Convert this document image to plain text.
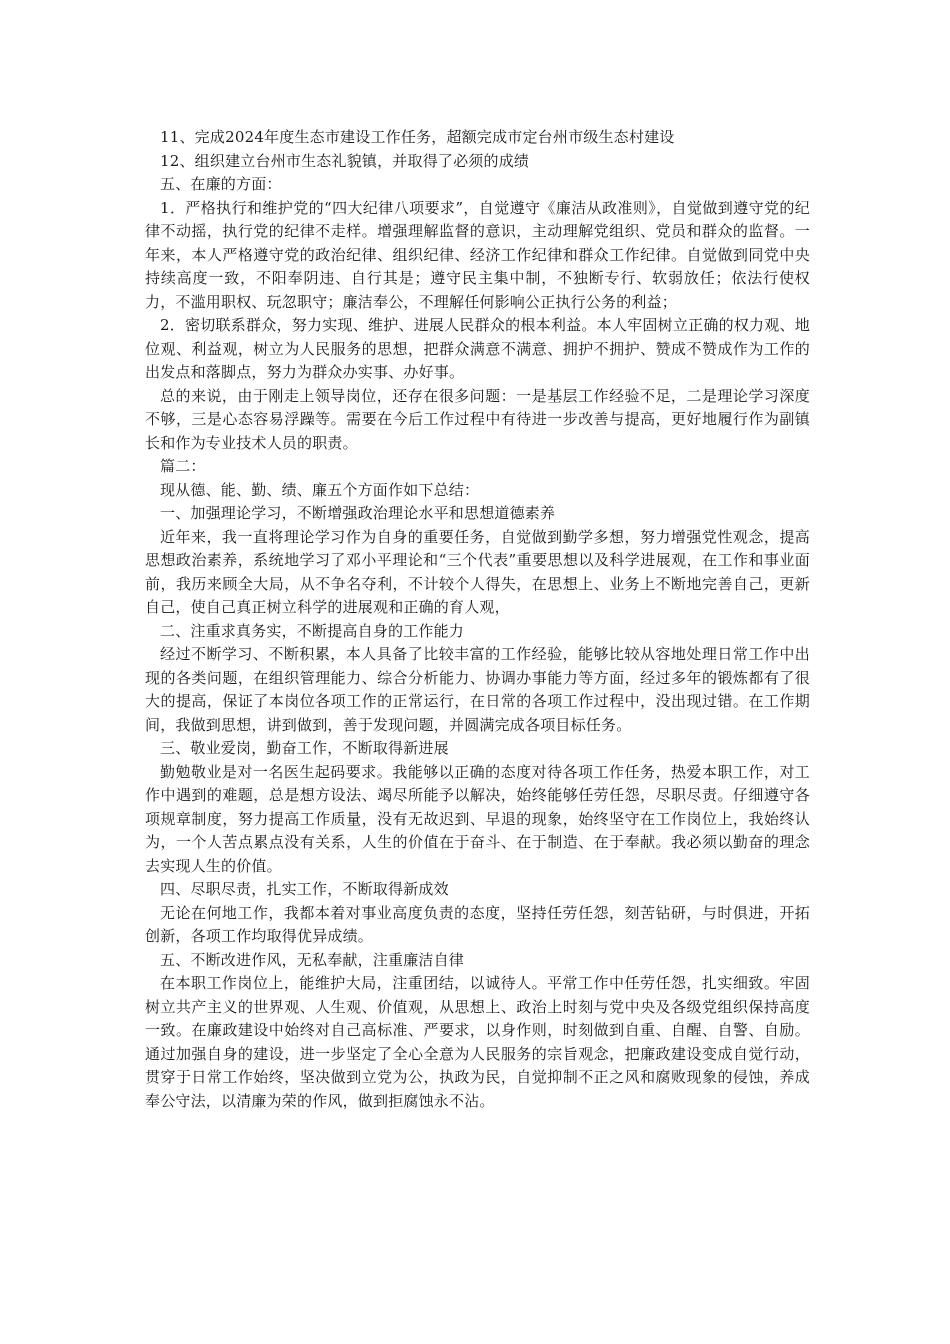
11、完成2024年度生态市建设工作任务，超额完成市定台州市级生态村建设

12、组织建立台州市生态礼貌镇，并取得了必须的成绩

五、在廉的方面：

1．严格执行和维护党的“四大纪律八项要求”，自觉遵守《廉洁从政准则》，自觉做到遵守党的纪律不动摇，执行党的纪律不走样。增强理解监督的意识，主动理解党组织、党员和群众的监督。一年来，本人严格遵守党的政治纪律、组织纪律、经济工作纪律和群众工作纪律。自觉做到同党中央持续高度一致，不阳奉阴违、自行其是；遵守民主集中制，不独断专行、软弱放任；依法行使权力，不滥用职权、玩忽职守；廉洁奉公，不理解任何影响公正执行公务的利益；

2．密切联系群众，努力实现、维护、进展人民群众的根本利益。本人牢固树立正确的权力观、地位观、利益观，树立为人民服务的思想，把群众满意不满意、拥护不拥护、赞成不赞成作为工作的出发点和落脚点，努力为群众办实事、办好事。

总的来说，由于刚走上领导岗位，还存在很多问题：一是基层工作经验不足，二是理论学习深度不够，三是心态容易浮躁等。需要在今后工作过程中有待进一步改善与提高，更好地履行作为副镇长和作为专业技术人员的职责。

篇二：

现从德、能、勤、绩、廉五个方面作如下总结：

一、加强理论学习，不断增强政治理论水平和思想道德素养

近年来，我一直将理论学习作为自身的重要任务，自觉做到勤学多想，努力增强党性观念，提高思想政治素养，系统地学习了邓小平理论和“三个代表”重要思想以及科学进展观，在工作和事业面前，我历来顾全大局，从不争名夺利，不计较个人得失，在思想上、业务上不断地完善自己，更新自己，使自己真正树立科学的进展观和正确的育人观，

二、注重求真务实，不断提高自身的工作能力

经过不断学习、不断积累，本人具备了比较丰富的工作经验，能够比较从容地处理日常工作中出现的各类问题，在组织管理能力、综合分析能力、协调办事能力等方面，经过多年的锻炼都有了很大的提高，保证了本岗位各项工作的正常运行，在日常的各项工作过程中，没出现过错。在工作期间，我做到思想，讲到做到，善于发现问题，并圆满完成各项目标任务。

三、敬业爱岗，勤奋工作，不断取得新进展

勤勉敬业是对一名医生起码要求。我能够以正确的态度对待各项工作任务，热爱本职工作，对工作中遇到的难题，总是想方设法、竭尽所能予以解决，始终能够任劳任怨，尽职尽责。仔细遵守各项规章制度，努力提高工作质量，没有无故迟到、早退的现象，始终坚守在工作岗位上，我始终认为，一个人苦点累点没有关系，人生的价值在于奋斗、在于制造、在于奉献。我必须以勤奋的理念去实现人生的价值。

四、尽职尽责，扎实工作，不断取得新成效

无论在何地工作，我都本着对事业高度负责的态度，坚持任劳任怨，刻苦钻研，与时俱进，开拓创新，各项工作均取得优异成绩。

五、不断改进作风，无私奉献，注重廉洁自律

在本职工作岗位上，能维护大局，注重团结，以诚待人。平常工作中任劳任怨，扎实细致。牢固树立共产主义的世界观、人生观、价值观，从思想上、政治上时刻与党中央及各级党组织保持高度一致。在廉政建设中始终对自己高标准、严要求，以身作则，时刻做到自重、自醒、自警、自励。通过加强自身的建设，进一步坚定了全心全意为人民服务的宗旨观念，把廉政建设变成自觉行动，贯穿于日常工作始终，坚决做到立党为公，执政为民，自觉抑制不正之风和腐败现象的侵蚀，养成奉公守法，以清廉为荣的作风，做到拒腐蚀永不沾。
